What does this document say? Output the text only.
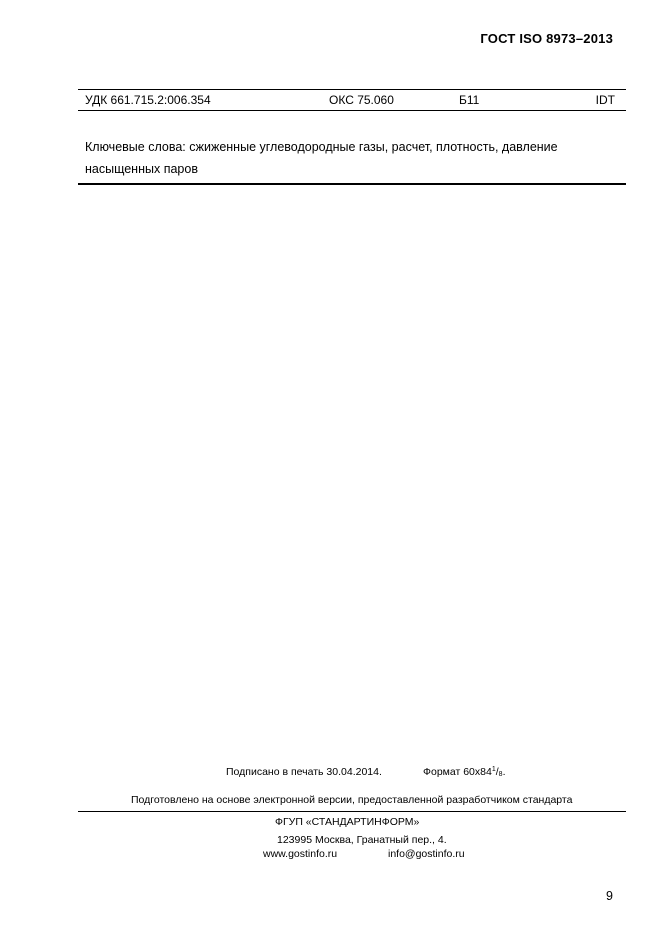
ГОСТ ISO 8973–2013
УДК 661.715.2:006.354	ОКС 75.060	Б11	IDT
Ключевые слова: сжиженные углеводородные газы, расчет, плотность, давление
насыщенных паров
Подписано в печать 30.04.2014.	Формат $60x84^1/_8$.
Подготовлено на основе электронной версии, предоставленной разработчиком стандарта
ФГУП «СТАНДАРТИНФОРМ»
123995 Москва, Гранатный пер., 4.
www.gostinfo.ru	info@gostinfo.ru
9
